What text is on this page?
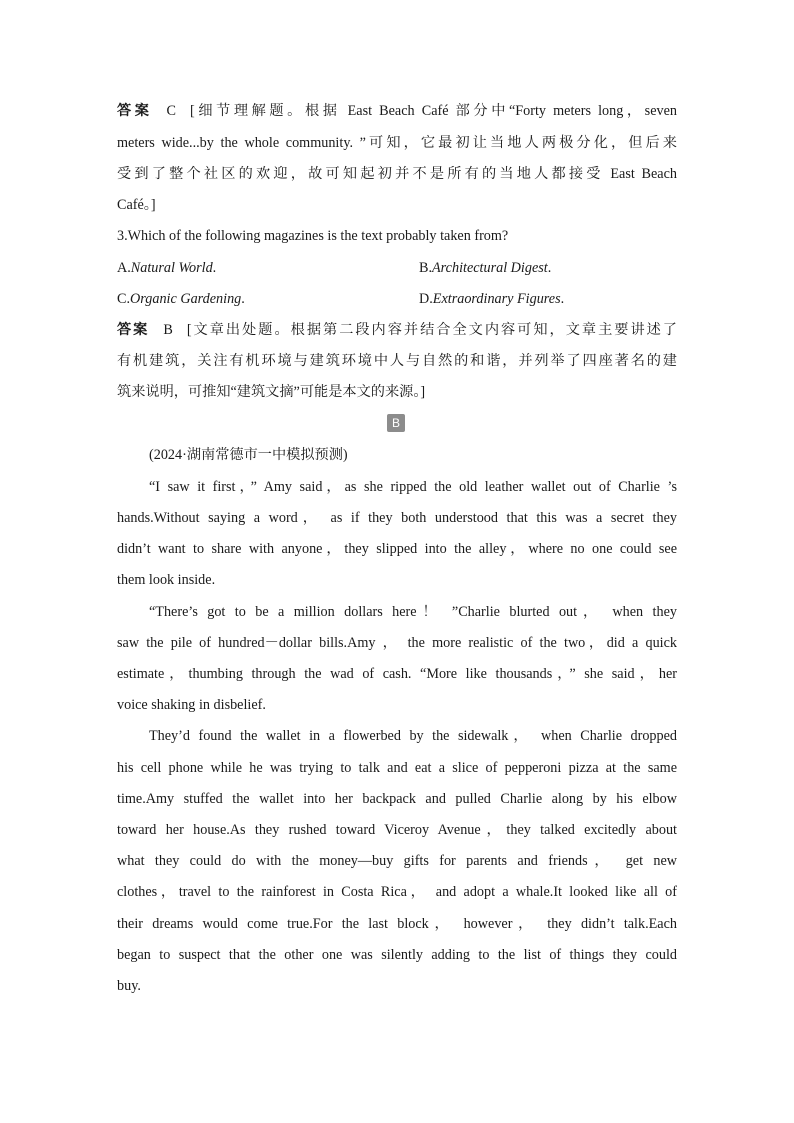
答案 C [细节理解题。根据 East Beach Café 部分中“Forty meters long，seven
meters wide...by the whole community. ”可知，它最初让当地人两极分化，但后来
受到了整个社区的欢迎，故可知起初并不是所有的当地人都接受 East Beach
Café。]
3.Which of the following magazines is the text probably taken from?
A.Natural World.	B.Architectural Digest.
C.Organic Gardening.	D.Extraordinary Figures.
答案 B [文章出处题。根据第二段内容并结合全文内容可知，文章主要讲述了
有机建筑，关注有机环境与建筑环境中人与自然的和谐，并列举了四座著名的建
筑来说明，可推知“建筑文摘”可能是本文的来源。]
B
(2024·湖南常德市一中模拟预测)
“I saw it first，” Amy said，as she ripped the old leather wallet out of Charlie ’s
hands.Without saying a word， as if they both understood that this was a secret they
didn’t want to share with anyone，they slipped into the alley，where no one could see
them look inside.
“There’s got to be a million dollars here！ ”Charlie blurted out， when they
saw the pile of hundred－dollar bills.Amy ， the more realistic of the two，did a quick
estimate，thumbing through the wad of cash. “More like thousands，” she said，her
voice shaking in disbelief.
They’d found the wallet in a flowerbed by the sidewalk， when Charlie dropped
his cell phone while he was trying to talk and eat a slice of pepperoni pizza at the same
time.Amy stuffed the wallet into her backpack and pulled Charlie along by his elbow
toward her house.As they rushed toward Viceroy Avenue，they talked excitedly about
what they could do with the money—buy gifts for parents and friends， get new
clothes，travel to the rainforest in Costa Rica， and adopt a whale.It looked like all of
their dreams would come true.For the last block， however， they didn’t talk.Each
began to suspect that the other one was silently adding to the list of things they could
buy.
